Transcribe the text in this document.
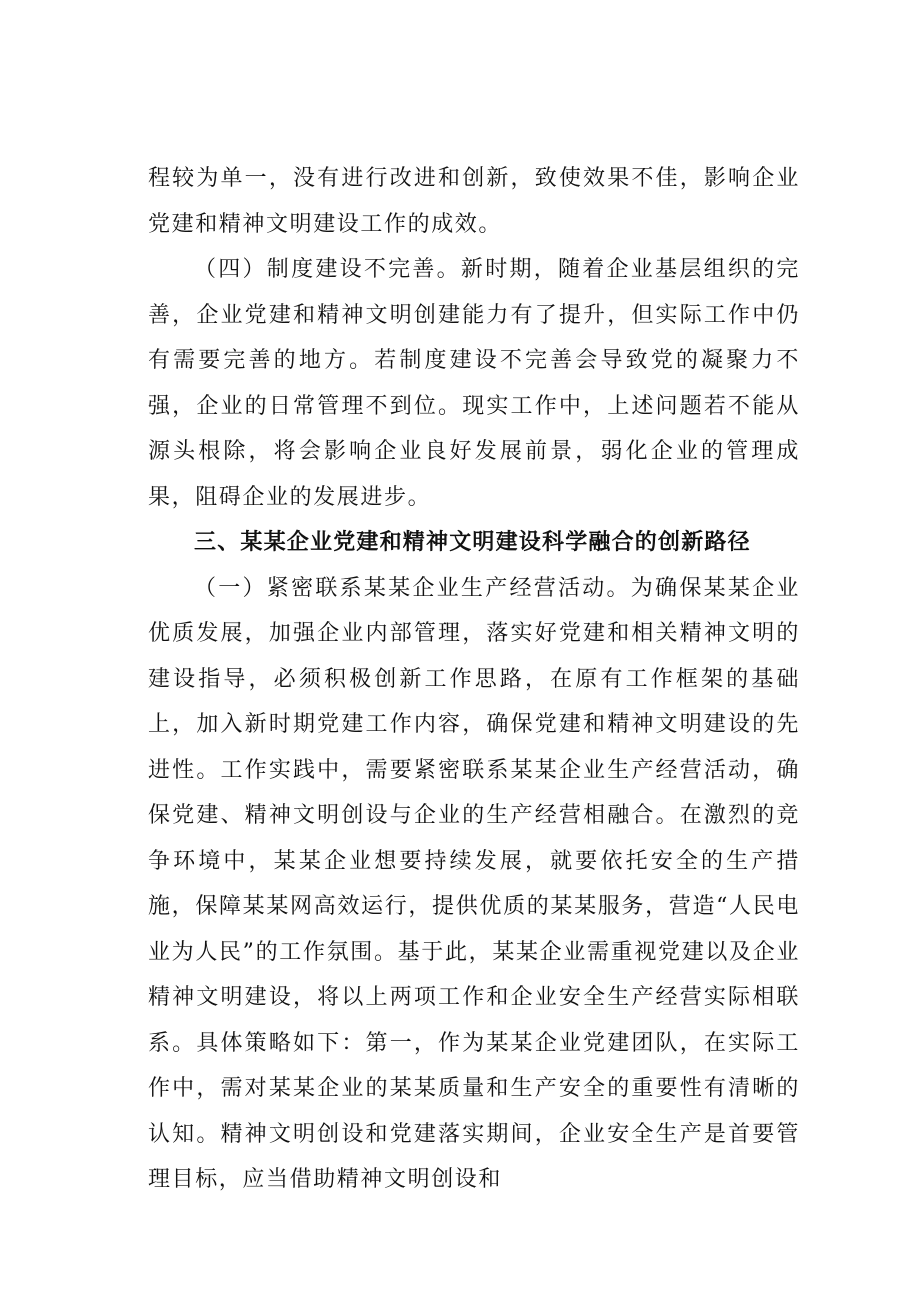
程较为单一，没有进行改进和创新，致使效果不佳，影响企业党建和精神文明建设工作的成效。

（四）制度建设不完善。新时期，随着企业基层组织的完善，企业党建和精神文明创建能力有了提升，但实际工作中仍有需要完善的地方。若制度建设不完善会导致党的凝聚力不强，企业的日常管理不到位。现实工作中，上述问题若不能从源头根除，将会影响企业良好发展前景，弱化企业的管理成果，阻碍企业的发展进步。

三、某某企业党建和精神文明建设科学融合的创新路径

（一）紧密联系某某企业生产经营活动。为确保某某企业优质发展，加强企业内部管理，落实好党建和相关精神文明的建设指导，必须积极创新工作思路，在原有工作框架的基础上，加入新时期党建工作内容，确保党建和精神文明建设的先进性。工作实践中，需要紧密联系某某企业生产经营活动，确保党建、精神文明创设与企业的生产经营相融合。在激烈的竞争环境中，某某企业想要持续发展，就要依托安全的生产措施，保障某某网高效运行，提供优质的某某服务，营造“人民电业为人民”的工作氛围。基于此，某某企业需重视党建以及企业精神文明建设，将以上两项工作和企业安全生产经营实际相联系。具体策略如下：第一，作为某某企业党建团队，在实际工作中，需对某某企业的某某质量和生产安全的重要性有清晰的认知。精神文明创设和党建落实期间，企业安全生产是首要管理目标，应当借助精神文明创设和
